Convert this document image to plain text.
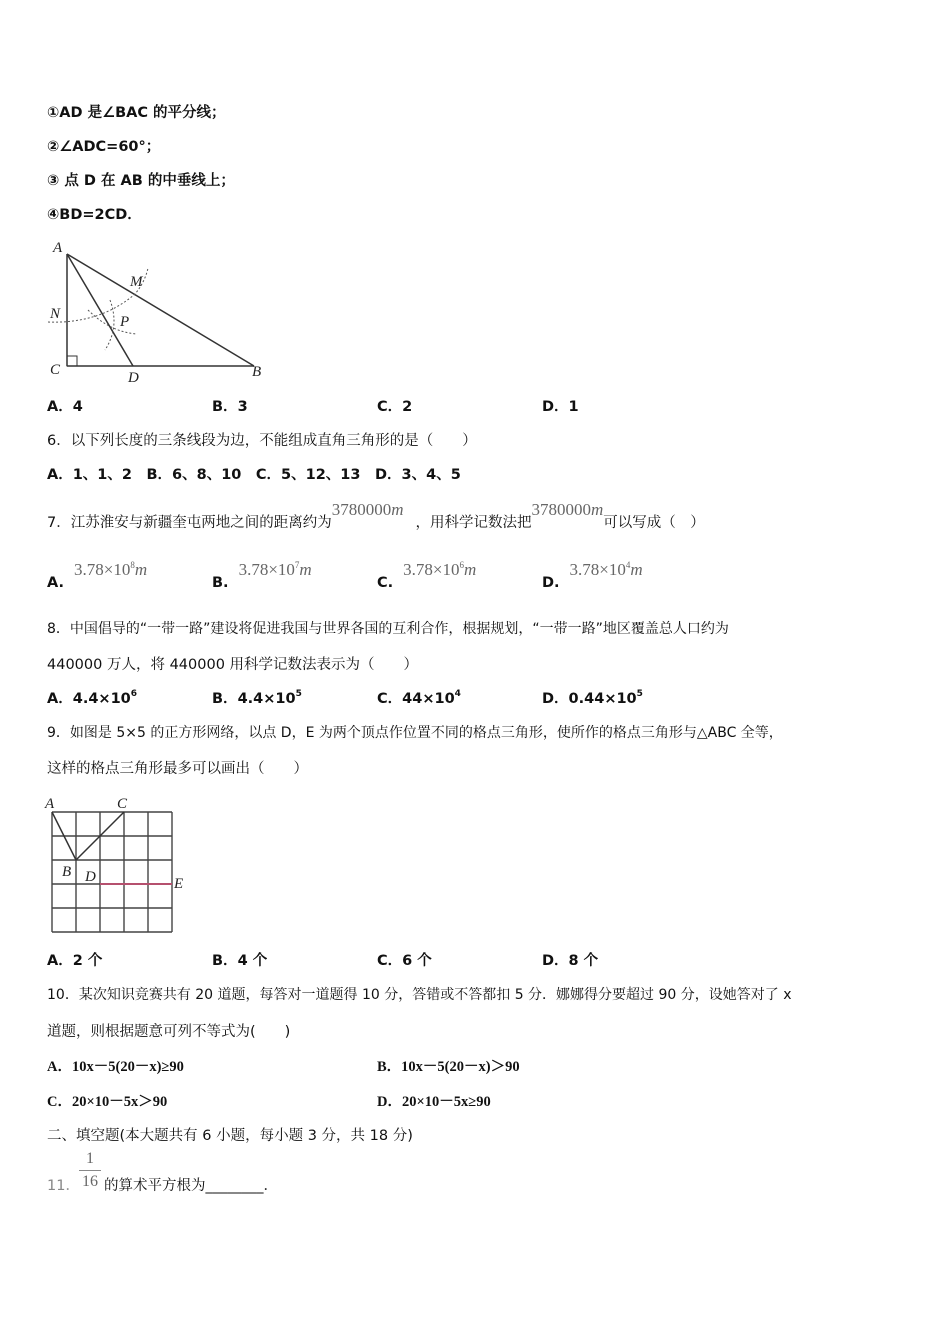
①AD 是∠BAC 的平分线；
②∠ADC=60°；
③ 点 D 在 AB 的中垂线上；
④BD=2CD．
A
M
N	P
C	D	B
A．4	B．3	C．2	D．1
6．以下列长度的三条线段为边，不能组成直角三角形的是（　　）
A．1、1、2　B．6、8、10　C．5、12、13　D．3、4、5
7．江苏淮安与新疆奎屯两地之间的距离约为3780000m，用科学记数法把3780000m可以写成（　）
$A.3.78\times 10^8m$
$B.3.78\times 10^7m$
$C.3.78\times 10^6m$
$D.3.78\times 10^4m$
8．中国倡导的“一带一路”建设将促进我国与世界各国的互利合作，根据规划，“一带一路”地区覆盖总人口约为
440000 万人，将 440000 用科学记数法表示为（　　）
A．$4.4\times 10^6$	B．$4.4\times 10^5$	C．$44\times 10^4$	D．$0.44\times 10^5$
9．如图是 5×5 的正方形网络，以点 D，E 为两个顶点作位置不同的格点三角形，使所作的格点三角形与△ABC 全等，
这样的格点三角形最多可以画出（　　）
A	C
B D	E
A．2 个	B．4 个	C．6 个	D．8 个
10．某次知识竞赛共有 20 道题，每答对一道题得 10 分，答错或不答都扣 5 分．娜娜得分要超过 90 分，设她答对了 x
道题，则根据题意可列不等式为(　　)
A．10x－5(20－x)≥90	B．10x－5(20－x)＞90
C．20×10－5x＞90	D．20×10－5x≥90
二、填空题(本大题共有 6 小题，每小题 3 分，共 18 分)
11． $\frac{1}{16}$ 的算术平方根为________．
